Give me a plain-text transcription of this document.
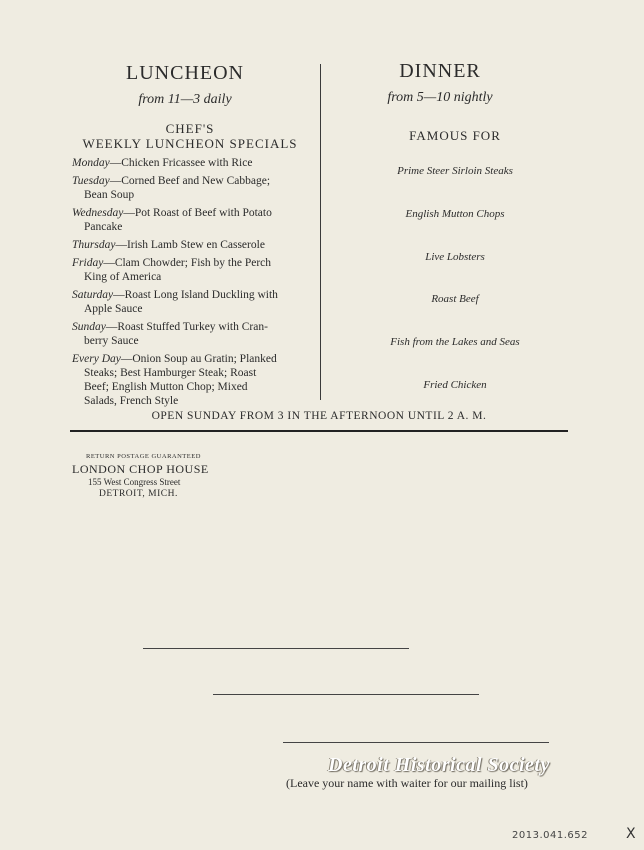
LUNCHEON
from 11—3 daily
CHEF'S
WEEKLY LUNCHEON SPECIALS
Monday—Chicken Fricassee with Rice
Tuesday—Corned Beef and New Cabbage;
Bean Soup
Wednesday—Pot Roast of Beef with Potato
Pancake
Thursday—Irish Lamb Stew en Casserole
Friday—Clam Chowder; Fish by the Perch
King of America
Saturday—Roast Long Island Duckling with
Apple Sauce
Sunday—Roast Stuffed Turkey with Cran-
berry Sauce
Every Day—Onion Soup au Gratin; Planked
Steaks; Best Hamburger Steak; Roast
Beef; English Mutton Chop; Mixed
Salads, French Style
DINNER
from 5—10 nightly
FAMOUS FOR
Prime Steer Sirloin Steaks
English Mutton Chops
Live Lobsters
Roast Beef
Fish from the Lakes and Seas
Fried Chicken
OPEN SUNDAY FROM 3 IN THE AFTERNOON UNTIL 2 A. M.
RETURN POSTAGE GUARANTEED
LONDON CHOP HOUSE
155 West Congress Street
DETROIT, MICH.
Detroit Historical Society
(Leave your name with waiter for our mailing list)
2013.041.652	X
